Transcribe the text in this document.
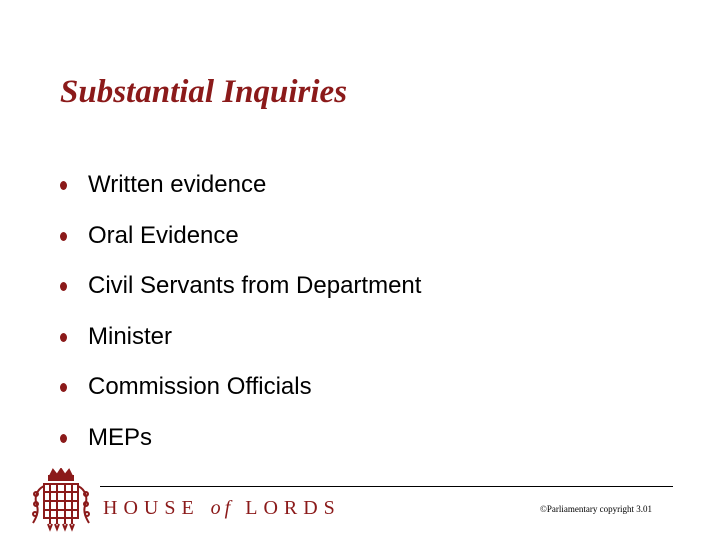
Substantial Inquiries
Written evidence
Oral Evidence
Civil Servants from Department
Minister
Commission Officials
MEPs
HOUSE of LORDS	©Parliamentary copyright 3.01
